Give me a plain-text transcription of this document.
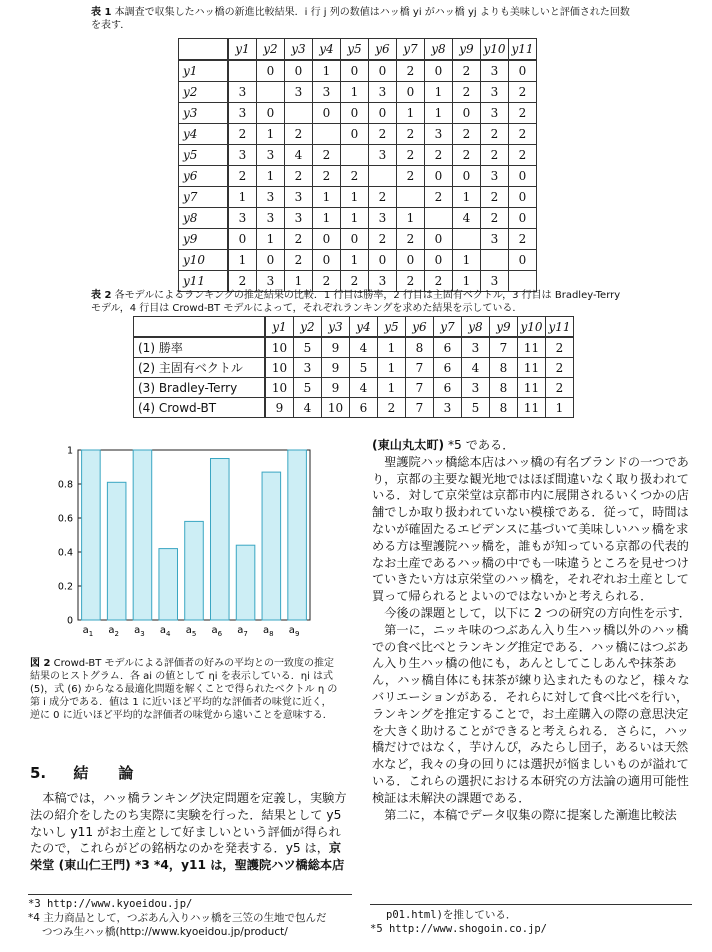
表 1 本調査で収集したハッ橋の新進比較結果．i 行 j 列の数値はハッ橋 yi がハッ橋 yj よりも美味しいと評価された回数を表す．
	y1	y2	y3	y4	y5	y6	y7	y8	y9	y10	y11
y1		0	0	1	0	0	2	0	2	3	0
y2	3		3	3	1	3	0	1	2	3	2
y3	3	0		0	0	0	1	1	0	3	2
y4	2	1	2		0	2	2	3	2	2	2
y5	3	3	4	2		3	2	2	2	2	2
y6	2	1	2	2	2		2	0	0	3	0
y7	1	3	3	1	1	2		2	1	2	0
y8	3	3	3	1	1	3	1		4	2	0
y9	0	1	2	0	0	2	2	0		3	2
y10	1	0	2	0	1	0	0	0	1		0
y11	2	3	1	2	2	3	2	2	1	3	
表 2 各モデルによるランキングの推定結果の比較．1 行目は勝率，2 行目は主固有ベクトル，3 行目は Bradley-Terry モデル，4 行目は Crowd-BT モデルによって，それぞれランキングを求めた結果を示している．
	y1	y2	y3	y4	y5	y6	y7	y8	y9	y10	y11
(1) 勝率	10	5	9	4	1	8	6	3	7	11	2
(2) 主固有ベクトル	10	3	9	5	1	7	6	4	8	11	2
(3) Bradley-Terry	10	5	9	4	1	7	6	3	8	11	2
(4) Crowd-BT	9	4	10	6	2	7	3	5	8	11	1
0
0.2
0.4
0.6
0.8
1
$a_1$ $a_2$ $a_3$ $a_4$ $a_5$ $a_6$ $a_7$ $a_8$ $a_9$
図 2 Crowd-BT モデルによる評価者の好みの平均との一致度の推定結果のヒストグラム．各 ai の値として ηi を表示している．ηi は式 (5)，式 (6) からなる最適化問題を解くことで得られたベクトル η の第 i 成分である．値は 1 に近いほど平均的な評価者の味覚に近く，逆に 0 に近いほど平均的な評価者の味覚から遠いことを意味する．
5. 結　　論

本稿では，ハッ橋ランキング決定問題を定義し，実験方法の紹介をしたのち実際に実験を行った．結果として y5 ないし y11 がお土産として好ましいという評価が得られたので，これらがどの銘柄なのかを発表する．y5 は，京栄堂 (東山仁王門) *3 *4，y11 は，聖護院ハツ橋総本店

*3 http://www.kyoeidou.jp/
*4 主力商品として，つぶあん入りハッ橋を三笠の生地で包んだ
つつみ生ハッ橋(http://www.kyoeidou.jp/product/

(東山丸太町) *5 である．

聖護院ハッ橋総本店はハッ橋の有名ブランドの一つであり，京都の主要な観光地ではほぼ間違いなく取り扱われている．対して京栄堂は京都市内に展開されるいくつかの店舗でしか取り扱われていない模様である．従って，時間はないが確固たるエビデンスに基づいて美味しいハッ橋を求める方は聖護院ハッ橋を，誰もが知っている京都の代表的なお土産であるハッ橋の中でも一味違うところを見せつけていきたい方は京栄堂のハッ橋を，それぞれお土産として買って帰られるとよいのではないかと考えられる．

今後の課題として，以下に 2 つの研究の方向性を示す．

第一に，ニッキ味のつぶあん入り生ハッ橋以外のハッ橋での食べ比べとランキング推定である．ハッ橋にはつぶあん入り生ハッ橋の他にも，あんとしてこしあんや抹茶あん，ハッ橋自体にも抹茶が練り込まれたものなど，様々なバリエーションがある．それらに対して食べ比べを行い，ランキングを推定することで，お土産購入の際の意思決定を大きく助けることができると考えられる．さらに，ハッ橋だけではなく，芋けんぴ，みたらし団子，あるいは天然水など，我々の身の回りには選択が悩ましいものが溢れている．これらの選択における本研究の方法論の適用可能性検証は未解決の課題である．

第二に，本稿でデータ収集の際に提案した漸進比較法

p01.html)を推している．
*5 http://www.shogoin.co.jp/
